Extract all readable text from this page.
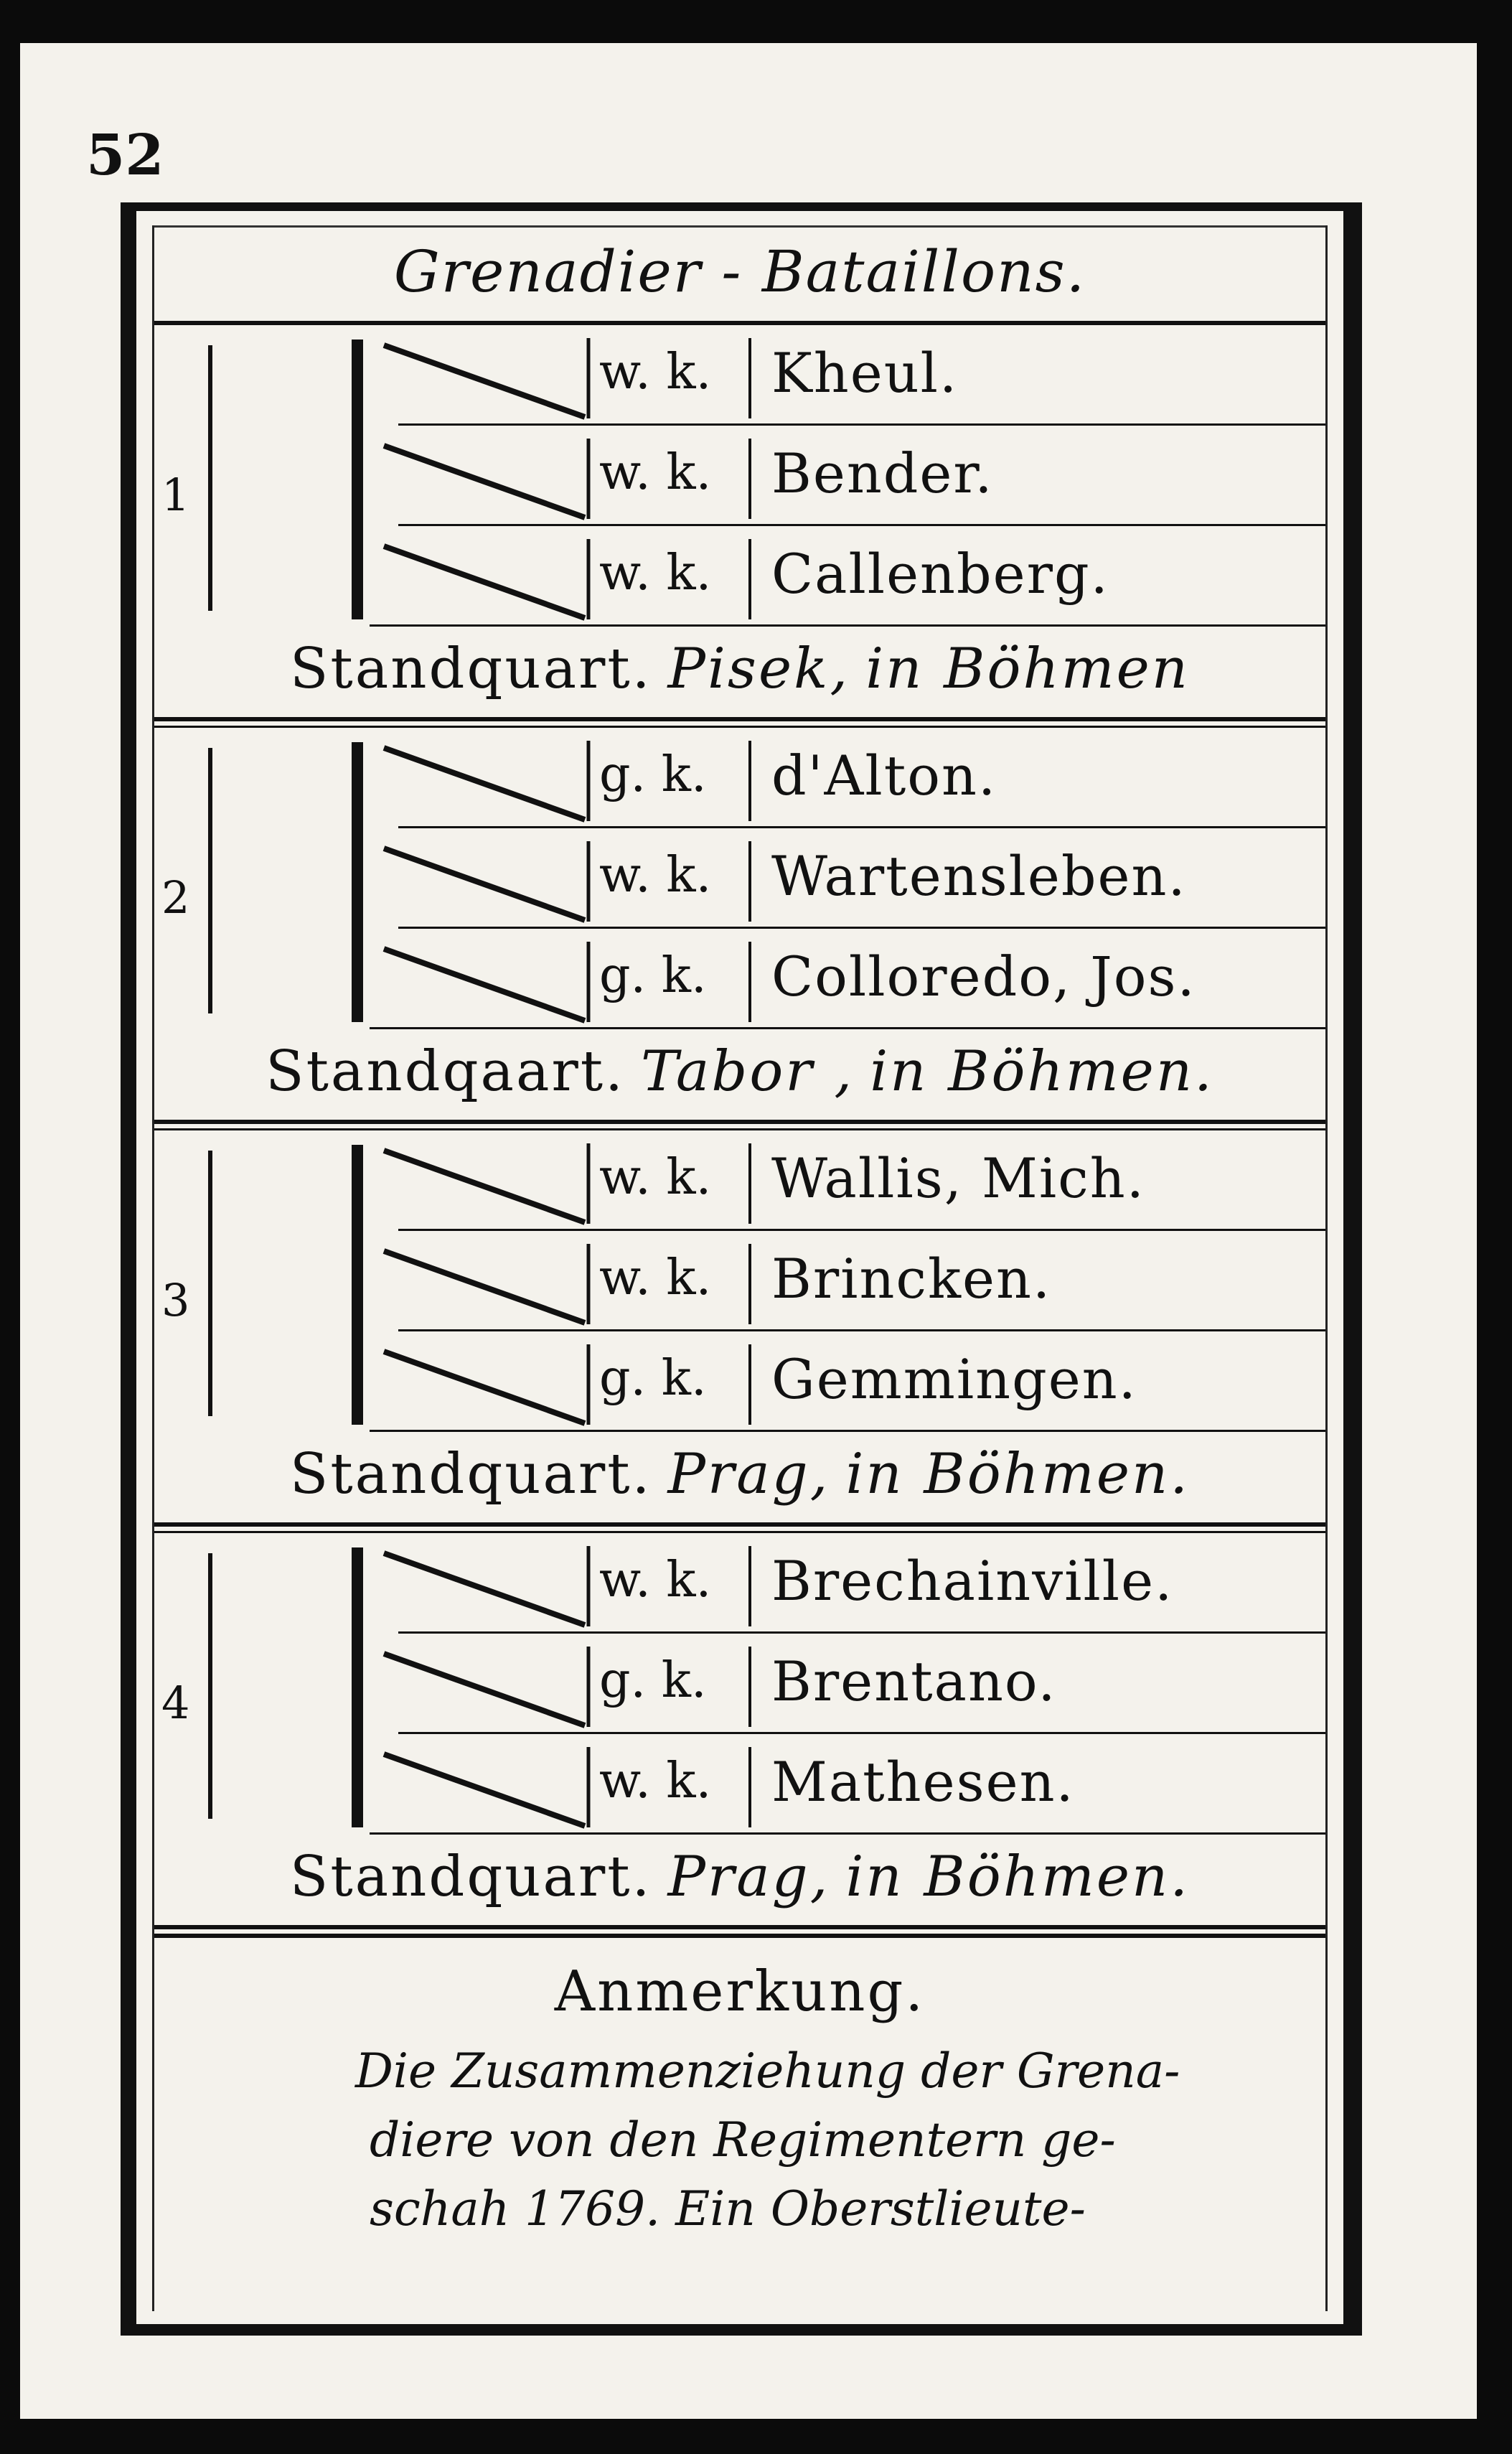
52
Grenadier - Bataillons.
1
w. k.	Kheul.
w. k.	Bender.
w. k.	Callenberg.
Standquart. Pisek, in Böhmen
2
g. k.	d'Alton.
w. k.	Wartensleben.
g. k.	Colloredo, Jos.
Standqaart. Tabor , in Böhmen.
3
w. k.	Wallis, Mich.
w. k.	Brincken.
g. k.	Gemmingen.
Standquart. Prag, in Böhmen.
4
w. k.	Brechainville.
g. k.	Brentano.
w. k.	Mathesen.
Standquart. Prag, in Böhmen.
Anmerkung.
Die Zusammenziehung der Grena-
diere von den Regimentern ge-
schah 1769. Ein Oberstlieute-
